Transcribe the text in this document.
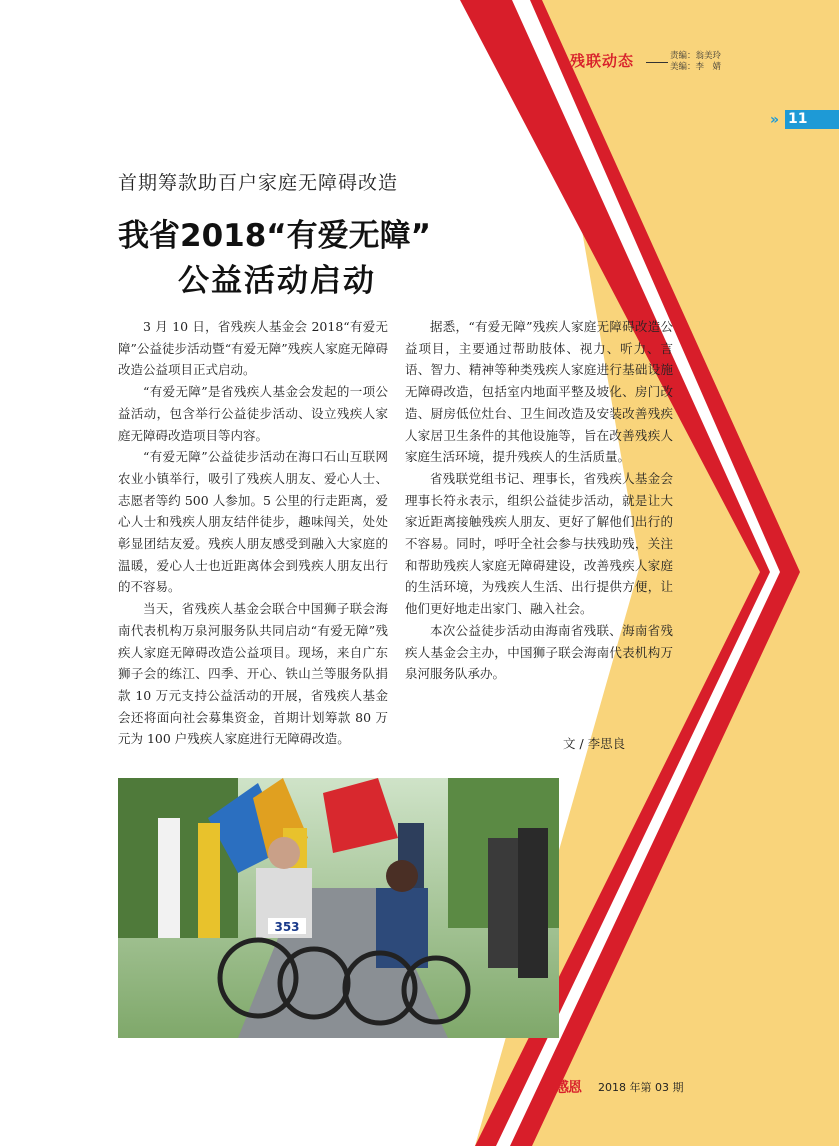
残联动态	责编：翁美玲
美编：李　婧
» 11
首期筹款助百户家庭无障碍改造
我省2018“有爱无障”
公益活动启动

3 月 10 日，省残疾人基金会 2018“有爱无障”公益徒步活动暨“有爱无障”残疾人家庭无障碍改造公益项目正式启动。

“有爱无障”是省残疾人基金会发起的一项公益活动，包含举行公益徒步活动、设立残疾人家庭无障碍改造项目等内容。

“有爱无障”公益徒步活动在海口石山互联网农业小镇举行，吸引了残疾人朋友、爱心人士、志愿者等约 500 人参加。5 公里的行走距离，爱心人士和残疾人朋友结伴徒步，趣味闯关，处处彰显团结友爱。残疾人朋友感受到融入大家庭的温暖，爱心人士也近距离体会到残疾人朋友出行的不容易。

当天，省残疾人基金会联合中国狮子联会海南代表机构万泉河服务队共同启动“有爱无障”残疾人家庭无障碍改造公益项目。现场，来自广东狮子会的练江、四季、开心、铁山兰等服务队捐款 10 万元支持公益活动的开展，省残疾人基金会还将面向社会募集资金，首期计划筹款 80 万元为 100 户残疾人家庭进行无障碍改造。

据悉，“有爱无障”残疾人家庭无障碍改造公益项目，主要通过帮助肢体、视力、听力、言语、智力、精神等种类残疾人家庭进行基础设施无障碍改造，包括室内地面平整及坡化、房门改造、厨房低位灶台、卫生间改造及安装改善残疾人家居卫生条件的其他设施等，旨在改善残疾人家庭生活环境，提升残疾人的生活质量。

省残联党组书记、理事长，省残疾人基金会理事长符永表示，组织公益徒步活动，就是让大家近距离接触残疾人朋友、更好了解他们出行的不容易。同时，呼吁全社会参与扶残助残，关注和帮助残疾人家庭无障碍建设，改善残疾人家庭的生活环境，为残疾人生活、出行提供方便，让他们更好地走出家门、融入社会。

本次公益徒步活动由海南省残联、海南省残疾人基金会主办，中国狮子联会海南代表机构万泉河服务队承办。

文 / 李思良
353
感恩 2018 年第 03 期
